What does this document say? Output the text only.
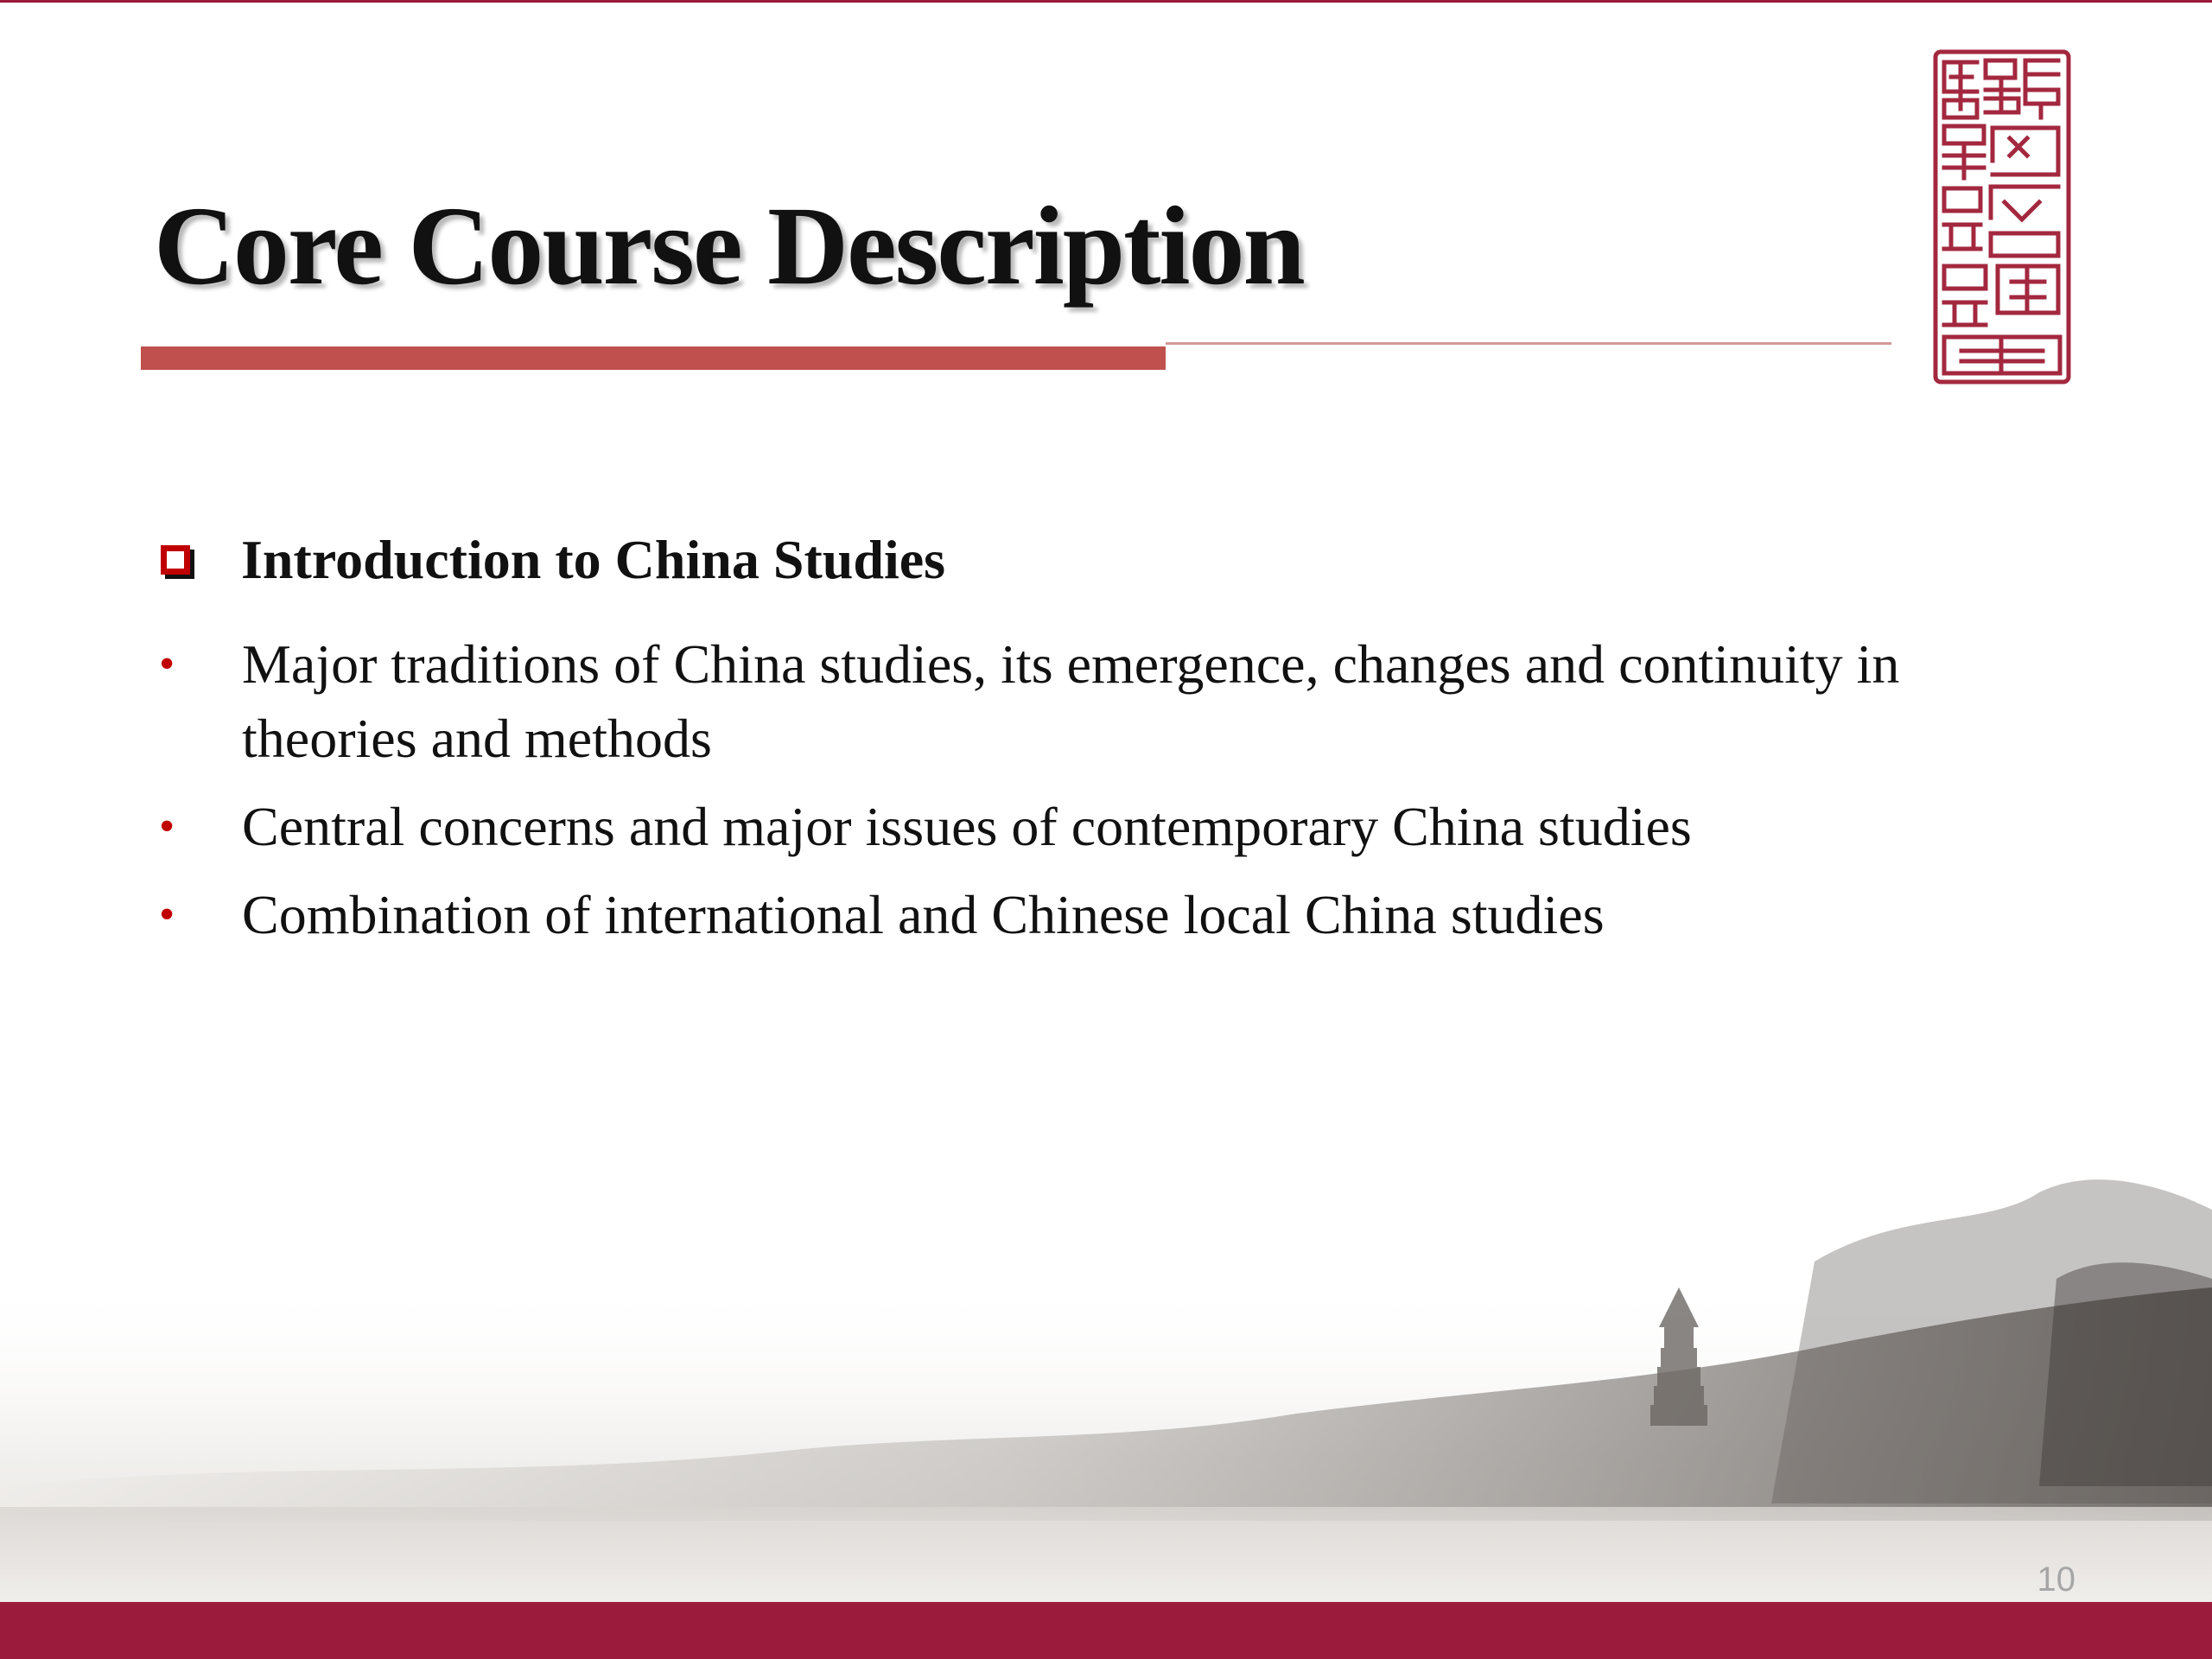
Core Course Description
Introduction to China Studies
• Major traditions of China studies, its emergence, changes and continuity in theories and methods
• Central concerns and major issues of contemporary China studies
• Combination of international and Chinese local China studies
10
